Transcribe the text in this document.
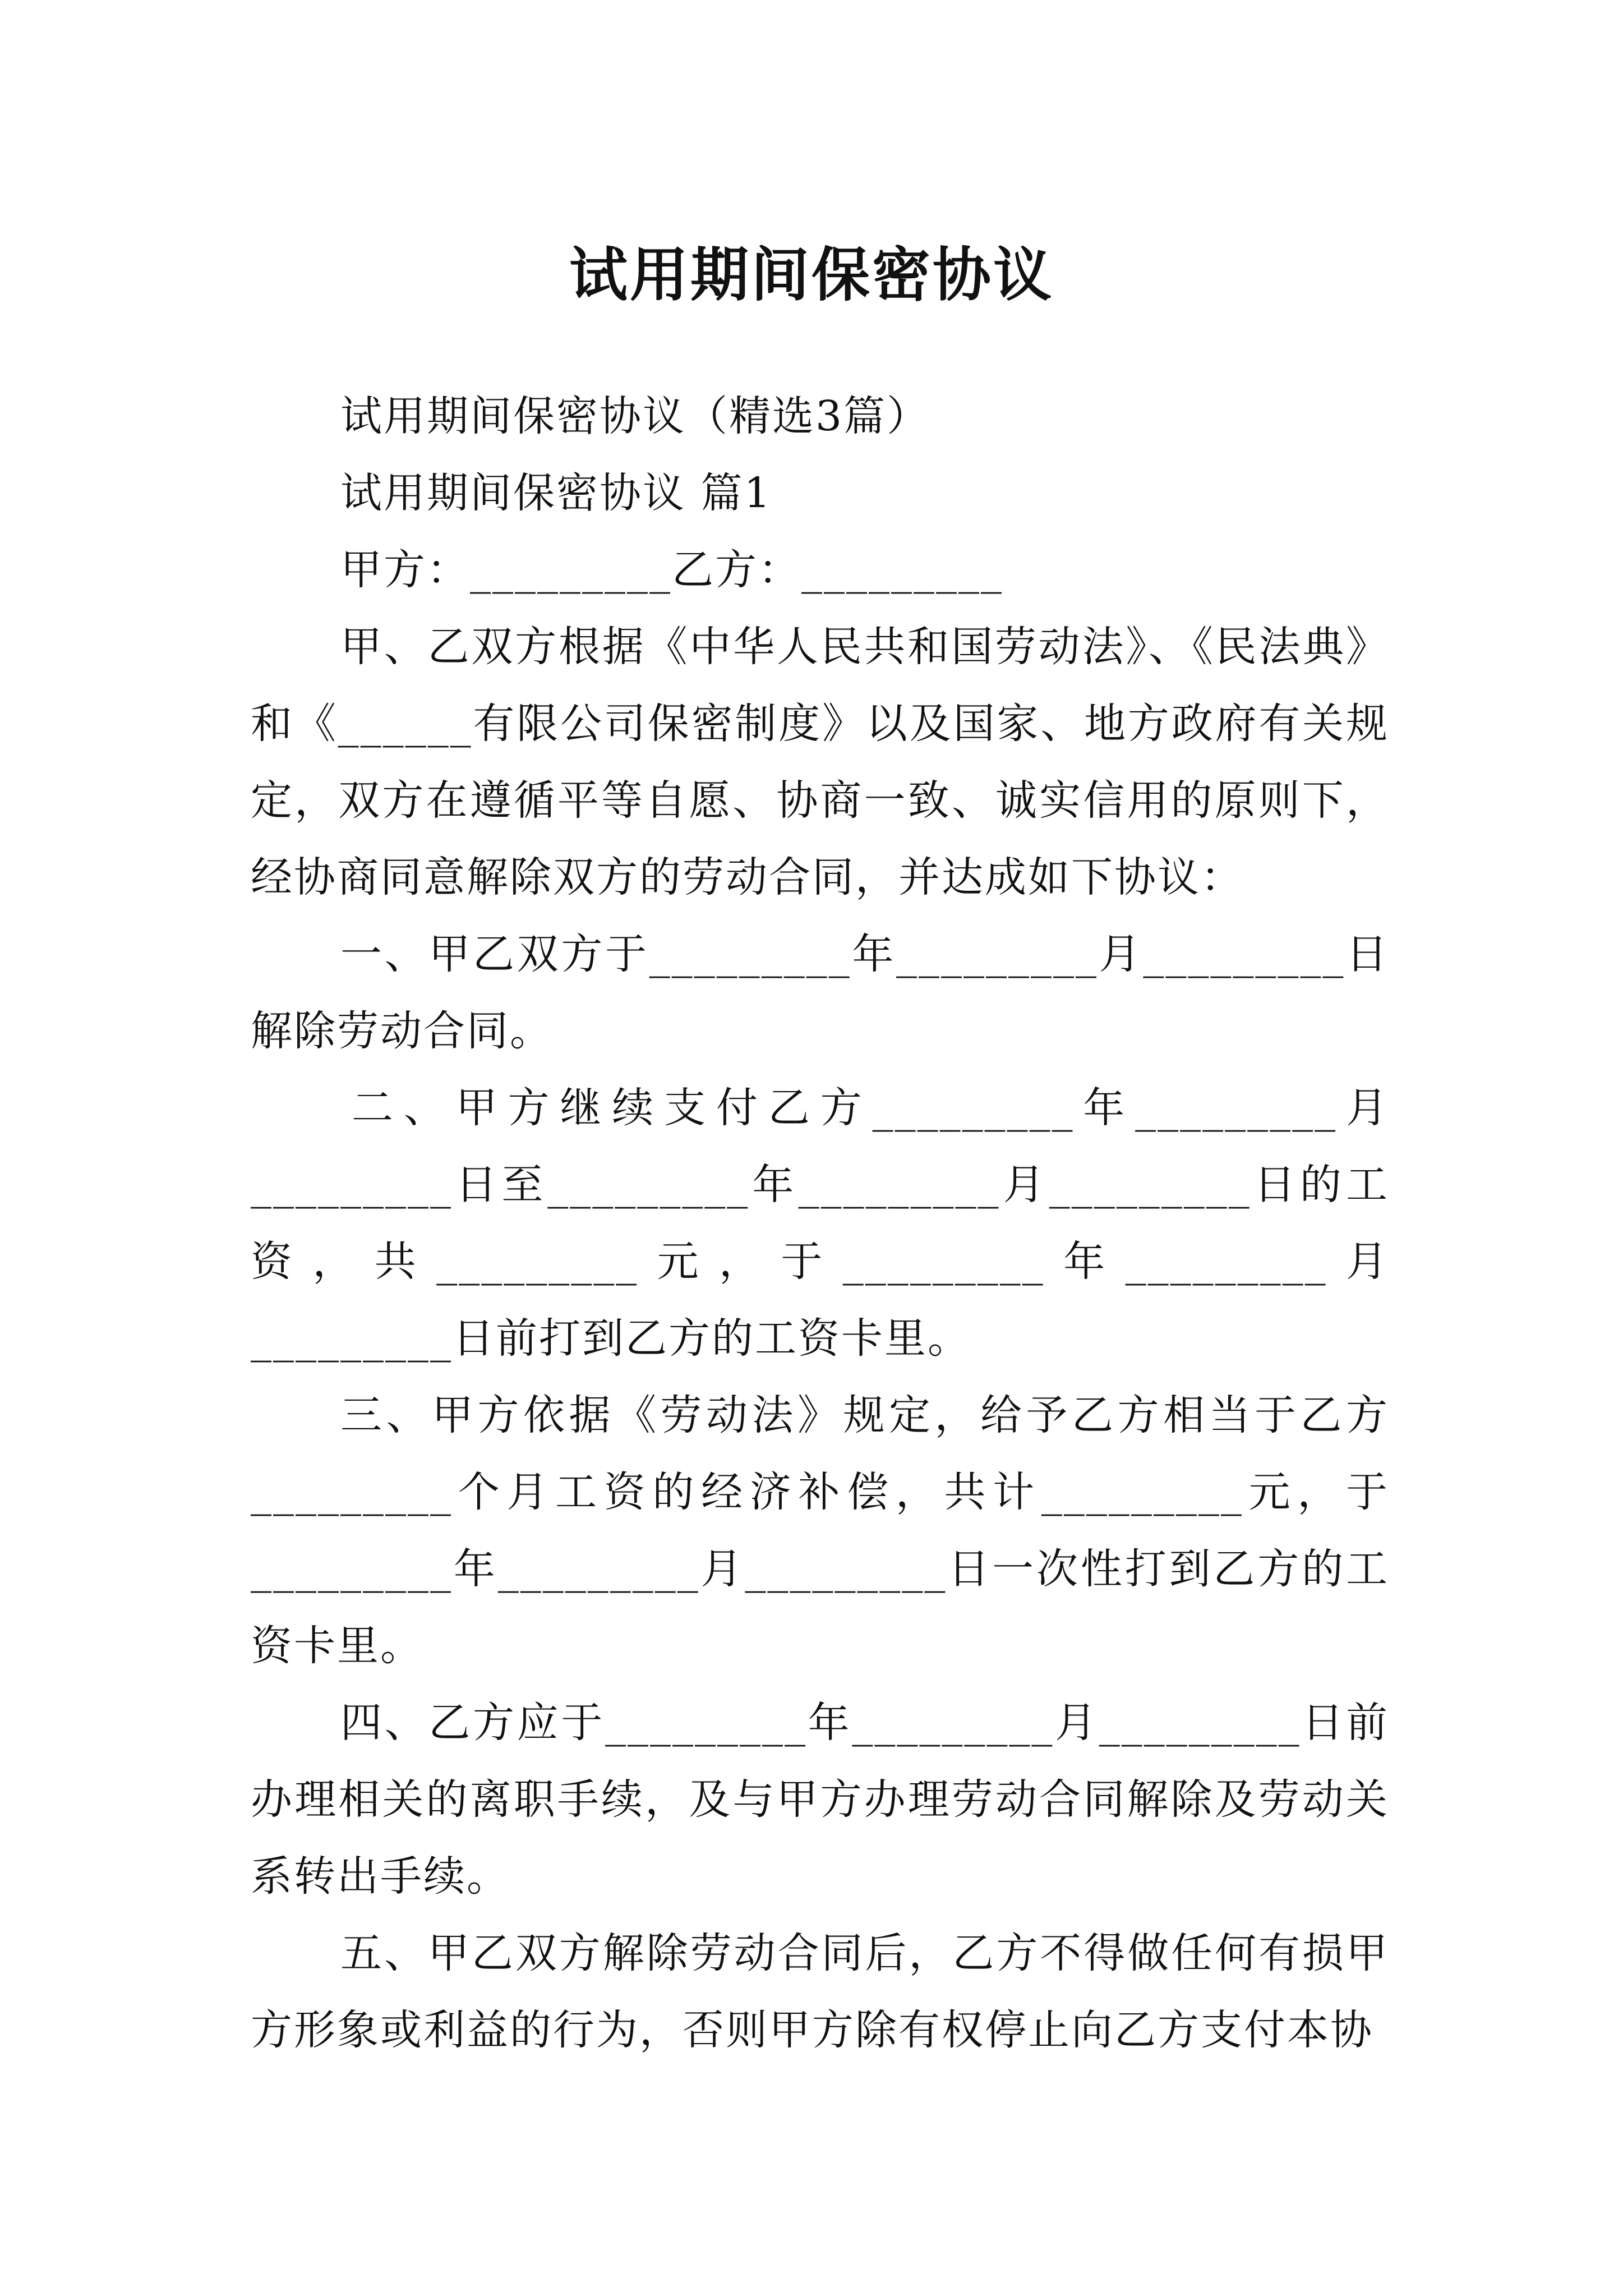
试用期间保密协议

试用期间保密协议（精选3篇）

试用期间保密协议 篇1

甲方：_________乙方：_________

甲、乙双方根据《中华人民共和国劳动法》、《民法典》和《______有限公司保密制度》以及国家、地方政府有关规定，双方在遵循平等自愿、协商一致、诚实信用的原则下，经协商同意解除双方的劳动合同，并达成如下协议：

一、甲乙双方于_________年_________月_________日解除劳动合同。

二、甲方继续支付乙方_________年_________月_________日至_________年_________月_________日的工资，共_________元，于_________年_________月_________日前打到乙方的工资卡里。

三、甲方依据《劳动法》规定，给予乙方相当于乙方_________个月工资的经济补偿，共计_________元，于_________年_________月_________日一次性打到乙方的工资卡里。

四、乙方应于_________年_________月_________日前办理相关的离职手续，及与甲方办理劳动合同解除及劳动关系转出手续。

五、甲乙双方解除劳动合同后，乙方不得做任何有损甲方形象或利益的行为，否则甲方除有权停止向乙方支付本协
